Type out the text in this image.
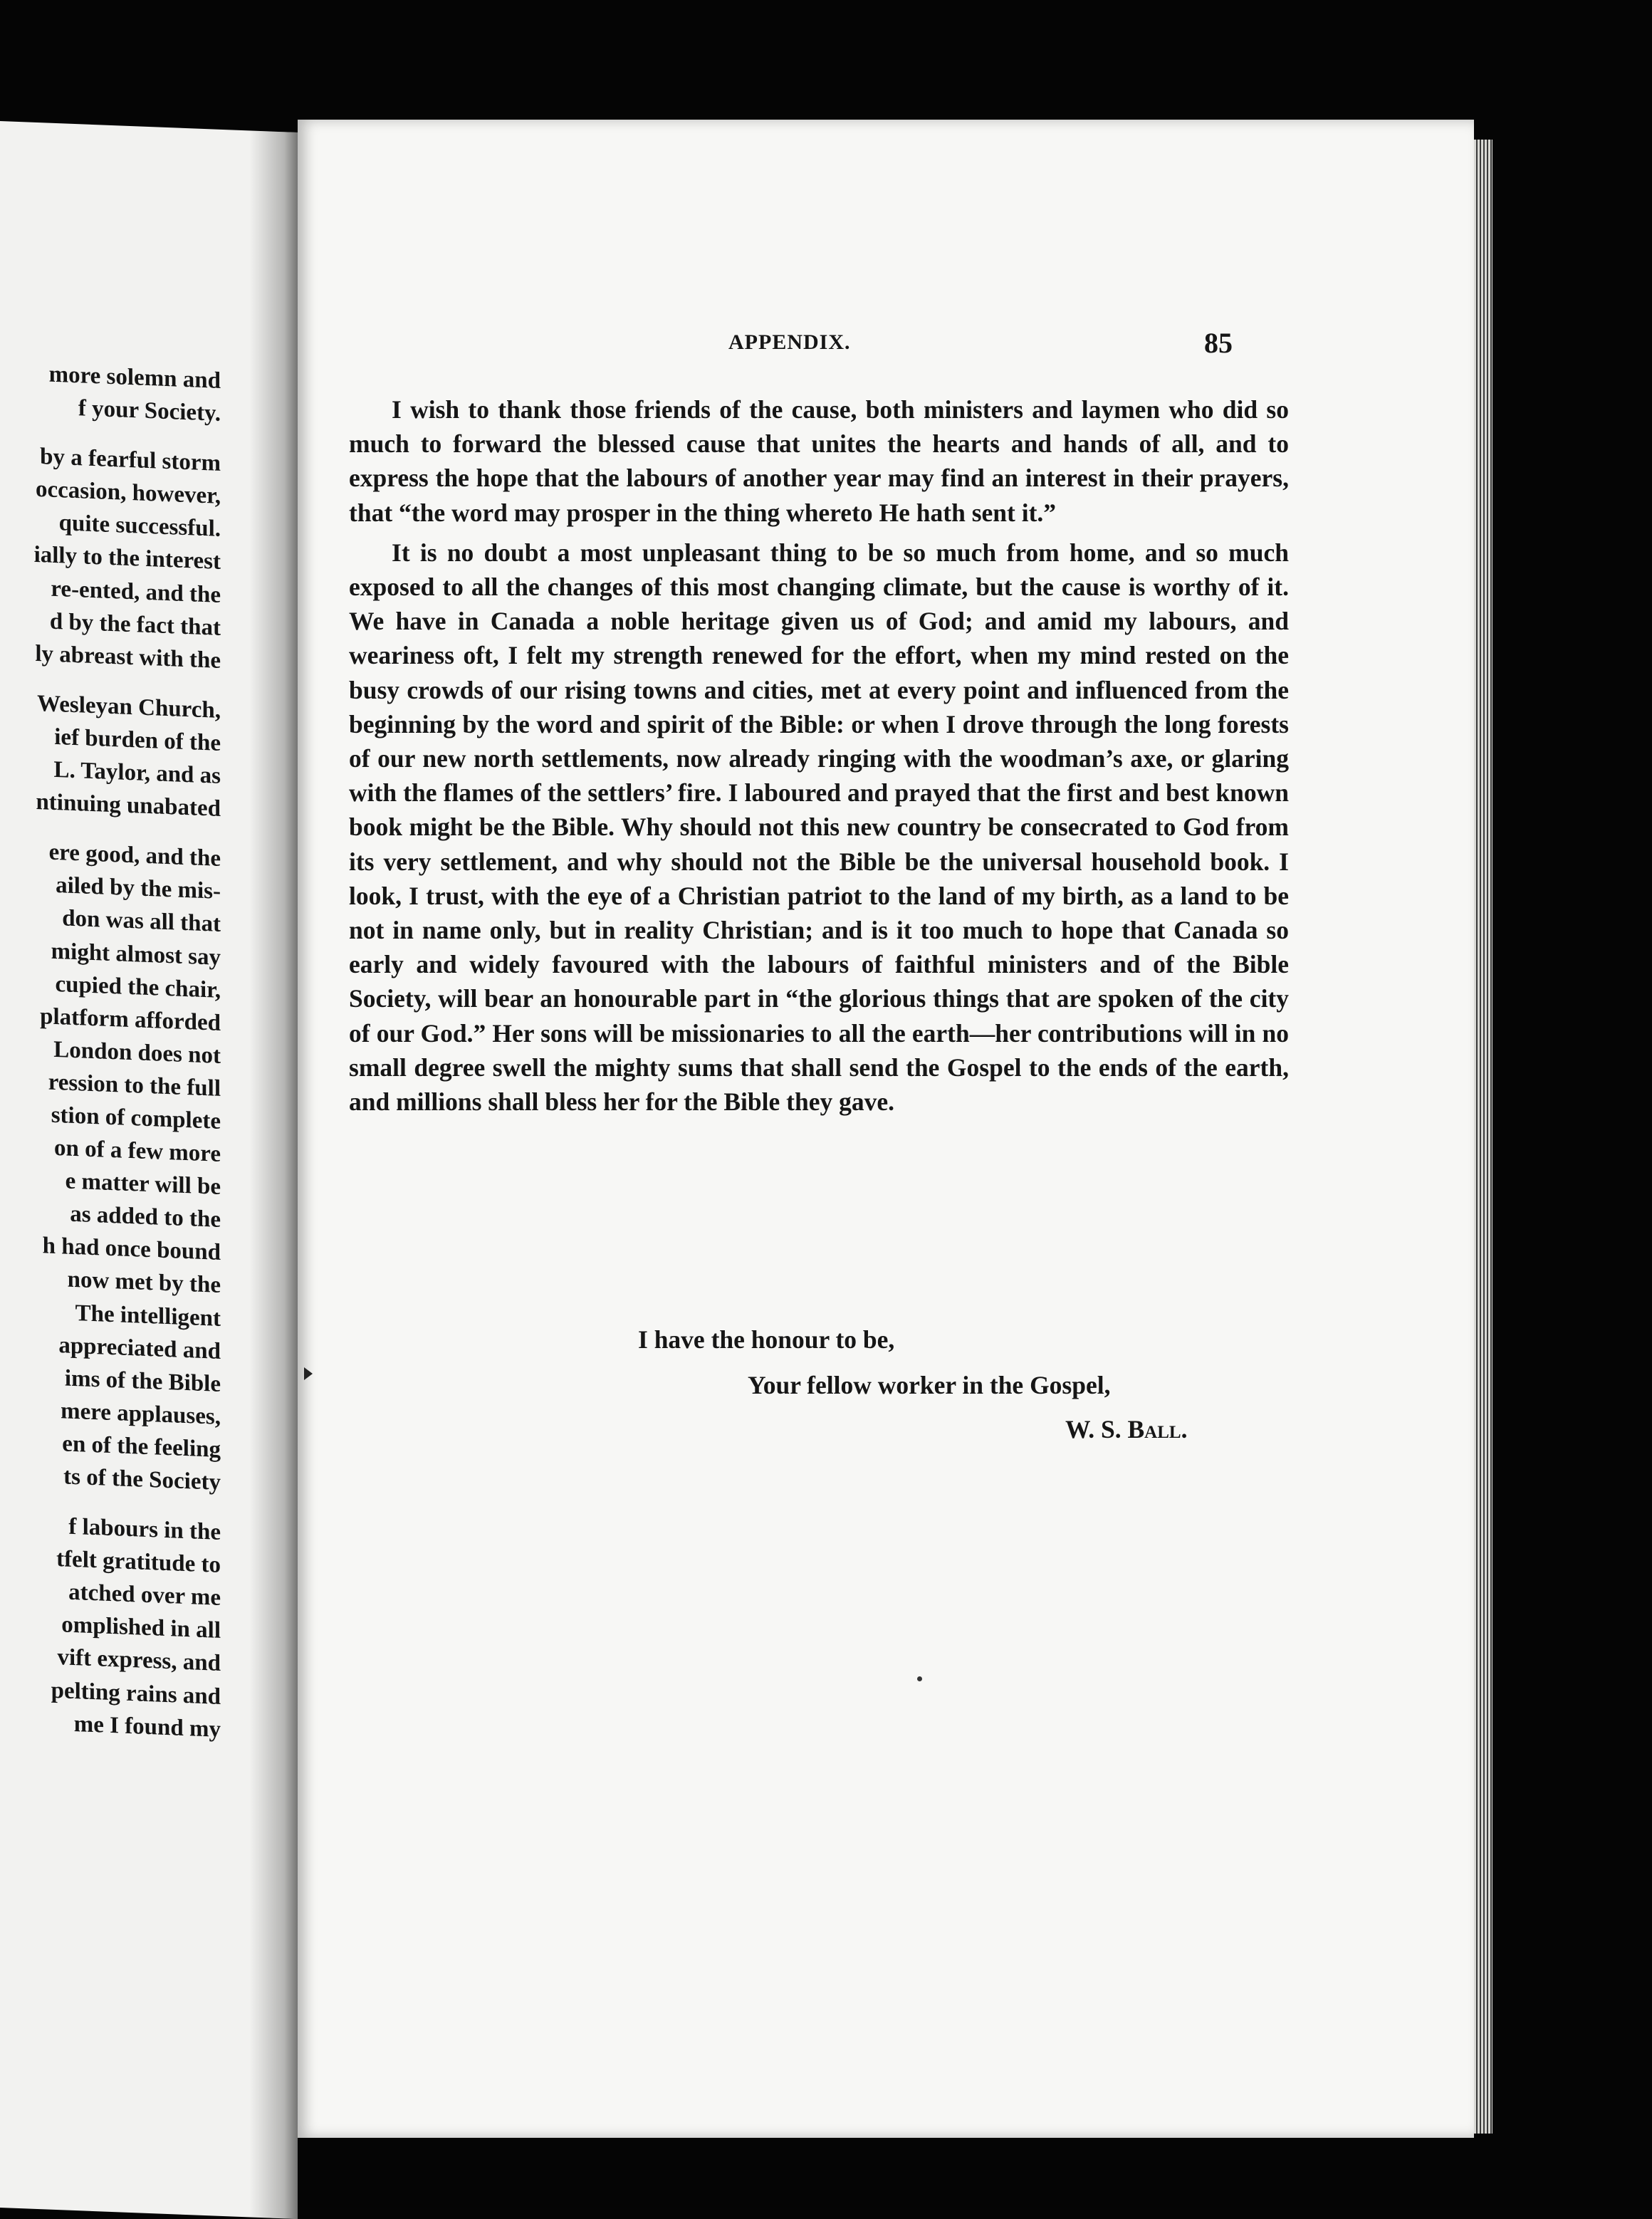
more solemn and
f your Society.
by a fearful storm
occasion, however,
quite successful.
ially to the interest
re-ented, and the
d by the fact that
ly abreast with the
Wesleyan Church,
ief burden of the
L. Taylor, and as
ntinuing unabated
ere good, and the
ailed by the mis-
don was all that
might almost say
cupied the chair,
platform afforded
London does not
ression to the full
stion of complete
on of a few more
e matter will be
as added to the
h had once bound
now met by the
The intelligent
appreciated and
ims of the Bible
mere applauses,
en of the feeling
ts of the Society
f labours in the
tfelt gratitude to
atched over me
omplished in all
vift express, and
pelting rains and
me I found my
APPENDIX.	85

I wish to thank those friends of the cause, both ministers and laymen who did so much to forward the blessed cause that unites the hearts and hands of all, and to express the hope that the labours of another year may find an interest in their prayers, that “the word may prosper in the thing whereto He hath sent it.”

It is no doubt a most unpleasant thing to be so much from home, and so much exposed to all the changes of this most changing climate, but the cause is worthy of it. We have in Canada a noble heritage given us of God; and amid my labours, and weariness oft, I felt my strength renewed for the effort, when my mind rested on the busy crowds of our rising towns and cities, met at every point and influenced from the beginning by the word and spirit of the Bible: or when I drove through the long forests of our new north settlements, now already ringing with the woodman’s axe, or glaring with the flames of the settlers’ fire. I laboured and prayed that the first and best known book might be the Bible. Why should not this new country be consecrated to God from its very settlement, and why should not the Bible be the universal household book. I look, I trust, with the eye of a Christian patriot to the land of my birth, as a land to be not in name only, but in reality Christian; and is it too much to hope that Canada so early and widely favoured with the labours of faithful ministers and of the Bible Society, will bear an honourable part in “the glorious things that are spoken of the city of our God.” Her sons will be missionaries to all the earth—her contributions will in no small degree swell the mighty sums that shall send the Gospel to the ends of the earth, and millions shall bless her for the Bible they gave.

I have the honour to be,
Your fellow worker in the Gospel,
W. S. Ball.
